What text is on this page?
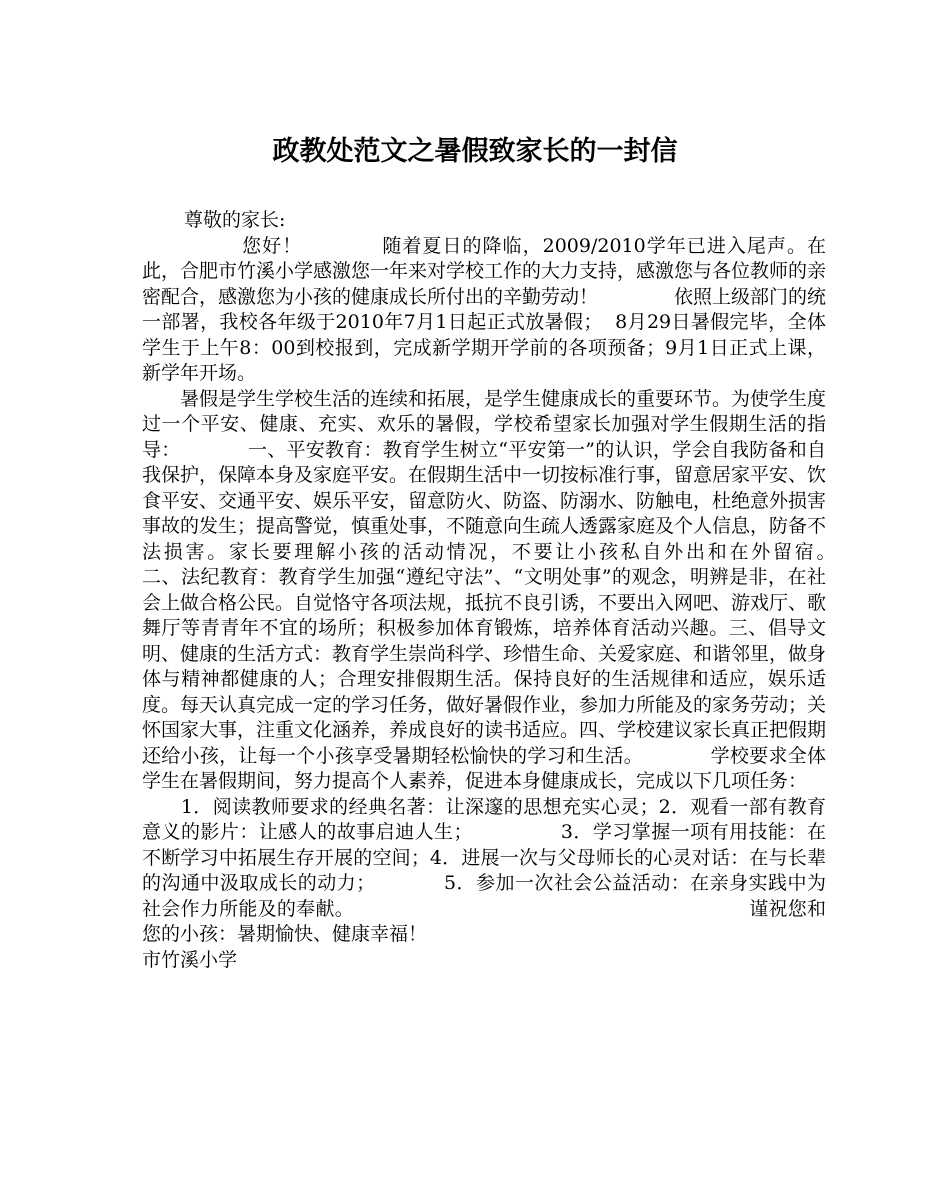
政教处范文之暑假致家长的一封信

尊敬的家长:

　　　　　您好！　　　　随着夏日的降临，2009/2010学年已进入尾声。在此，合肥市竹溪小学感激您一年来对学校工作的大力支持，感激您与各位教师的亲密配合，感激您为小孩的健康成长所付出的辛勤劳动！　　　　依照上级部门的统一部署，我校各年级于2010年7月1日起正式放暑假；  8月29日暑假完毕，全体学生于上午8：00到校报到，完成新学期开学前的各项预备；9月1日正式上课，新学年开场。

　　暑假是学生学校生活的连续和拓展，是学生健康成长的重要环节。为使学生度过一个平安、健康、充实、欢乐的暑假，学校希望家长加强对学生假期生活的指导：　　　　一、平安教育：教育学生树立“平安第一”的认识，学会自我防备和自我保护，保障本身及家庭平安。在假期生活中一切按标准行事，留意居家平安、饮食平安、交通平安、娱乐平安，留意防火、防盗、防溺水、防触电，杜绝意外损害事故的发生；提高警觉，慎重处事，不随意向生疏人透露家庭及个人信息，防备不法损害。家长要理解小孩的活动情况，不要让小孩私自外出和在外留宿。　　　　二、法纪教育：教育学生加强“遵纪守法”、“文明处事”的观念，明辨是非，在社会上做合格公民。自觉恪守各项法规，抵抗不良引诱，不要出入网吧、游戏厅、歌舞厅等青青年不宜的场所；积极参加体育锻炼，培养体育活动兴趣。三、倡导文明、健康的生活方式：教育学生崇尚科学、珍惜生命、关爱家庭、和谐邻里，做身体与精神都健康的人；合理安排假期生活。保持良好的生活规律和适应，娱乐适度。每天认真完成一定的学习任务，做好暑假作业，参加力所能及的家务劳动；关怀国家大事，注重文化涵养，养成良好的读书适应。四、学校建议家长真正把假期还给小孩，让每一个小孩享受暑期轻松愉快的学习和生活。　　　　学校要求全体学生在暑假期间，努力提高个人素养，促进本身健康成长，完成以下几项任务：

　　1．阅读教师要求的经典名著：让深邃的思想充实心灵；2．观看一部有教育意义的影片：让感人的故事启迪人生；　　　　　3．学习掌握一项有用技能：在不断学习中拓展生存开展的空间；4．进展一次与父母师长的心灵对话：在与长辈的沟通中汲取成长的动力；　　　　5．参加一次社会公益活动：在亲身实践中为社会作力所能及的奉献。　　　　　　　　　　　　　　　　　　　　　谨祝您和您的小孩：暑期愉快、健康幸福！

市竹溪小学
